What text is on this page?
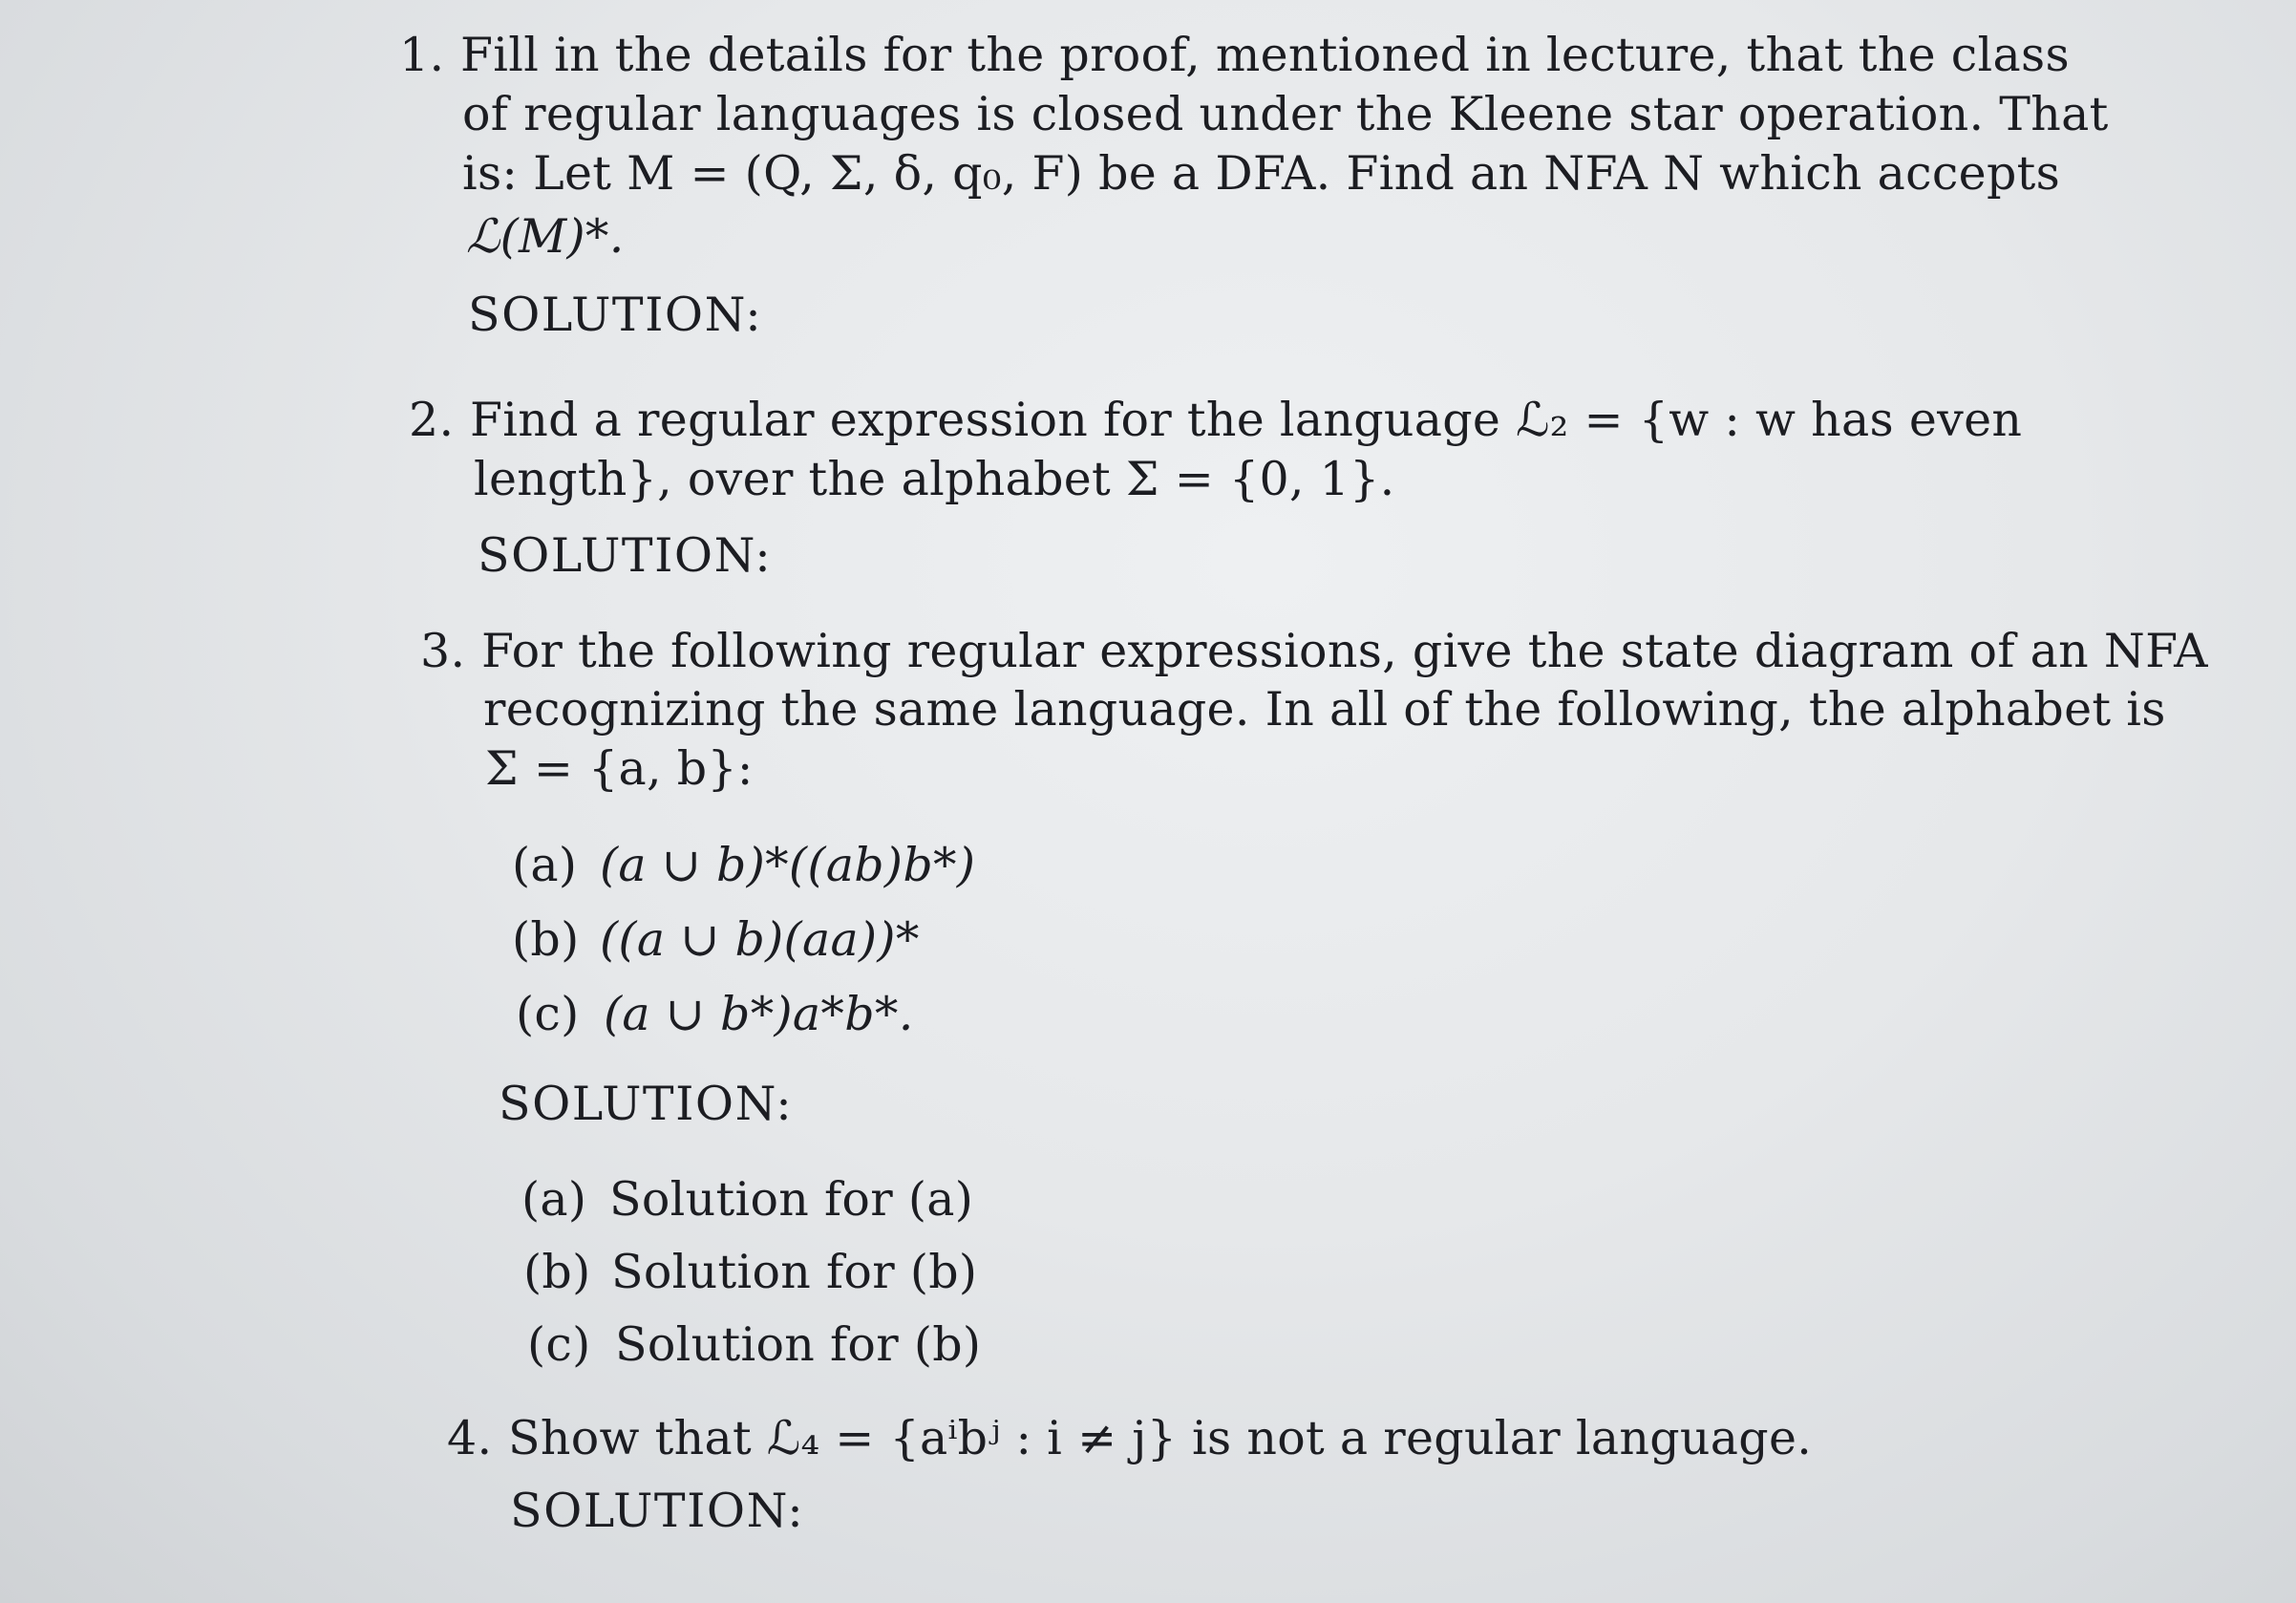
1. Fill in the details for the proof, mentioned in lecture, that the class
of regular languages is closed under the Kleene star operation. That
is: Let M = (Q, Σ, δ, q₀, F) be a DFA. Find an NFA N which accepts
ℒ(M)*.
SOLUTION:
2. Find a regular expression for the language ℒ₂ = {w : w has even
length}, over the alphabet Σ = {0, 1}.
SOLUTION:
3. For the following regular expressions, give the state diagram of an NFA
recognizing the same language. In all of the following, the alphabet is
Σ = {a, b}:
(a) (a ∪ b)*((ab)b*)
(b) ((a ∪ b)(aa))*
(c) (a ∪ b*)a*b*.
SOLUTION:
(a) Solution for (a)
(b) Solution for (b)
(c) Solution for (b)
4. Show that ℒ₄ = {aⁱbʲ : i ≠ j} is not a regular language.
SOLUTION:
